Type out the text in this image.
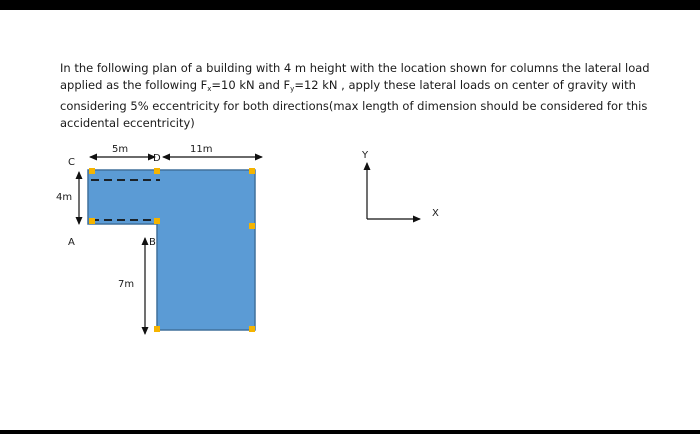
In the following plan of a building with 4 m height with the location shown for columns the lateral load
applied as the following $F_x=10$ kN and $F_y=12$ kN , apply these lateral loads on center of gravity with
considering 5% eccentricity for both directions(max length of dimension should be considered for this
accidental eccentricity)

5m	11m
4m
7m
C	D
A	B
Y
X
